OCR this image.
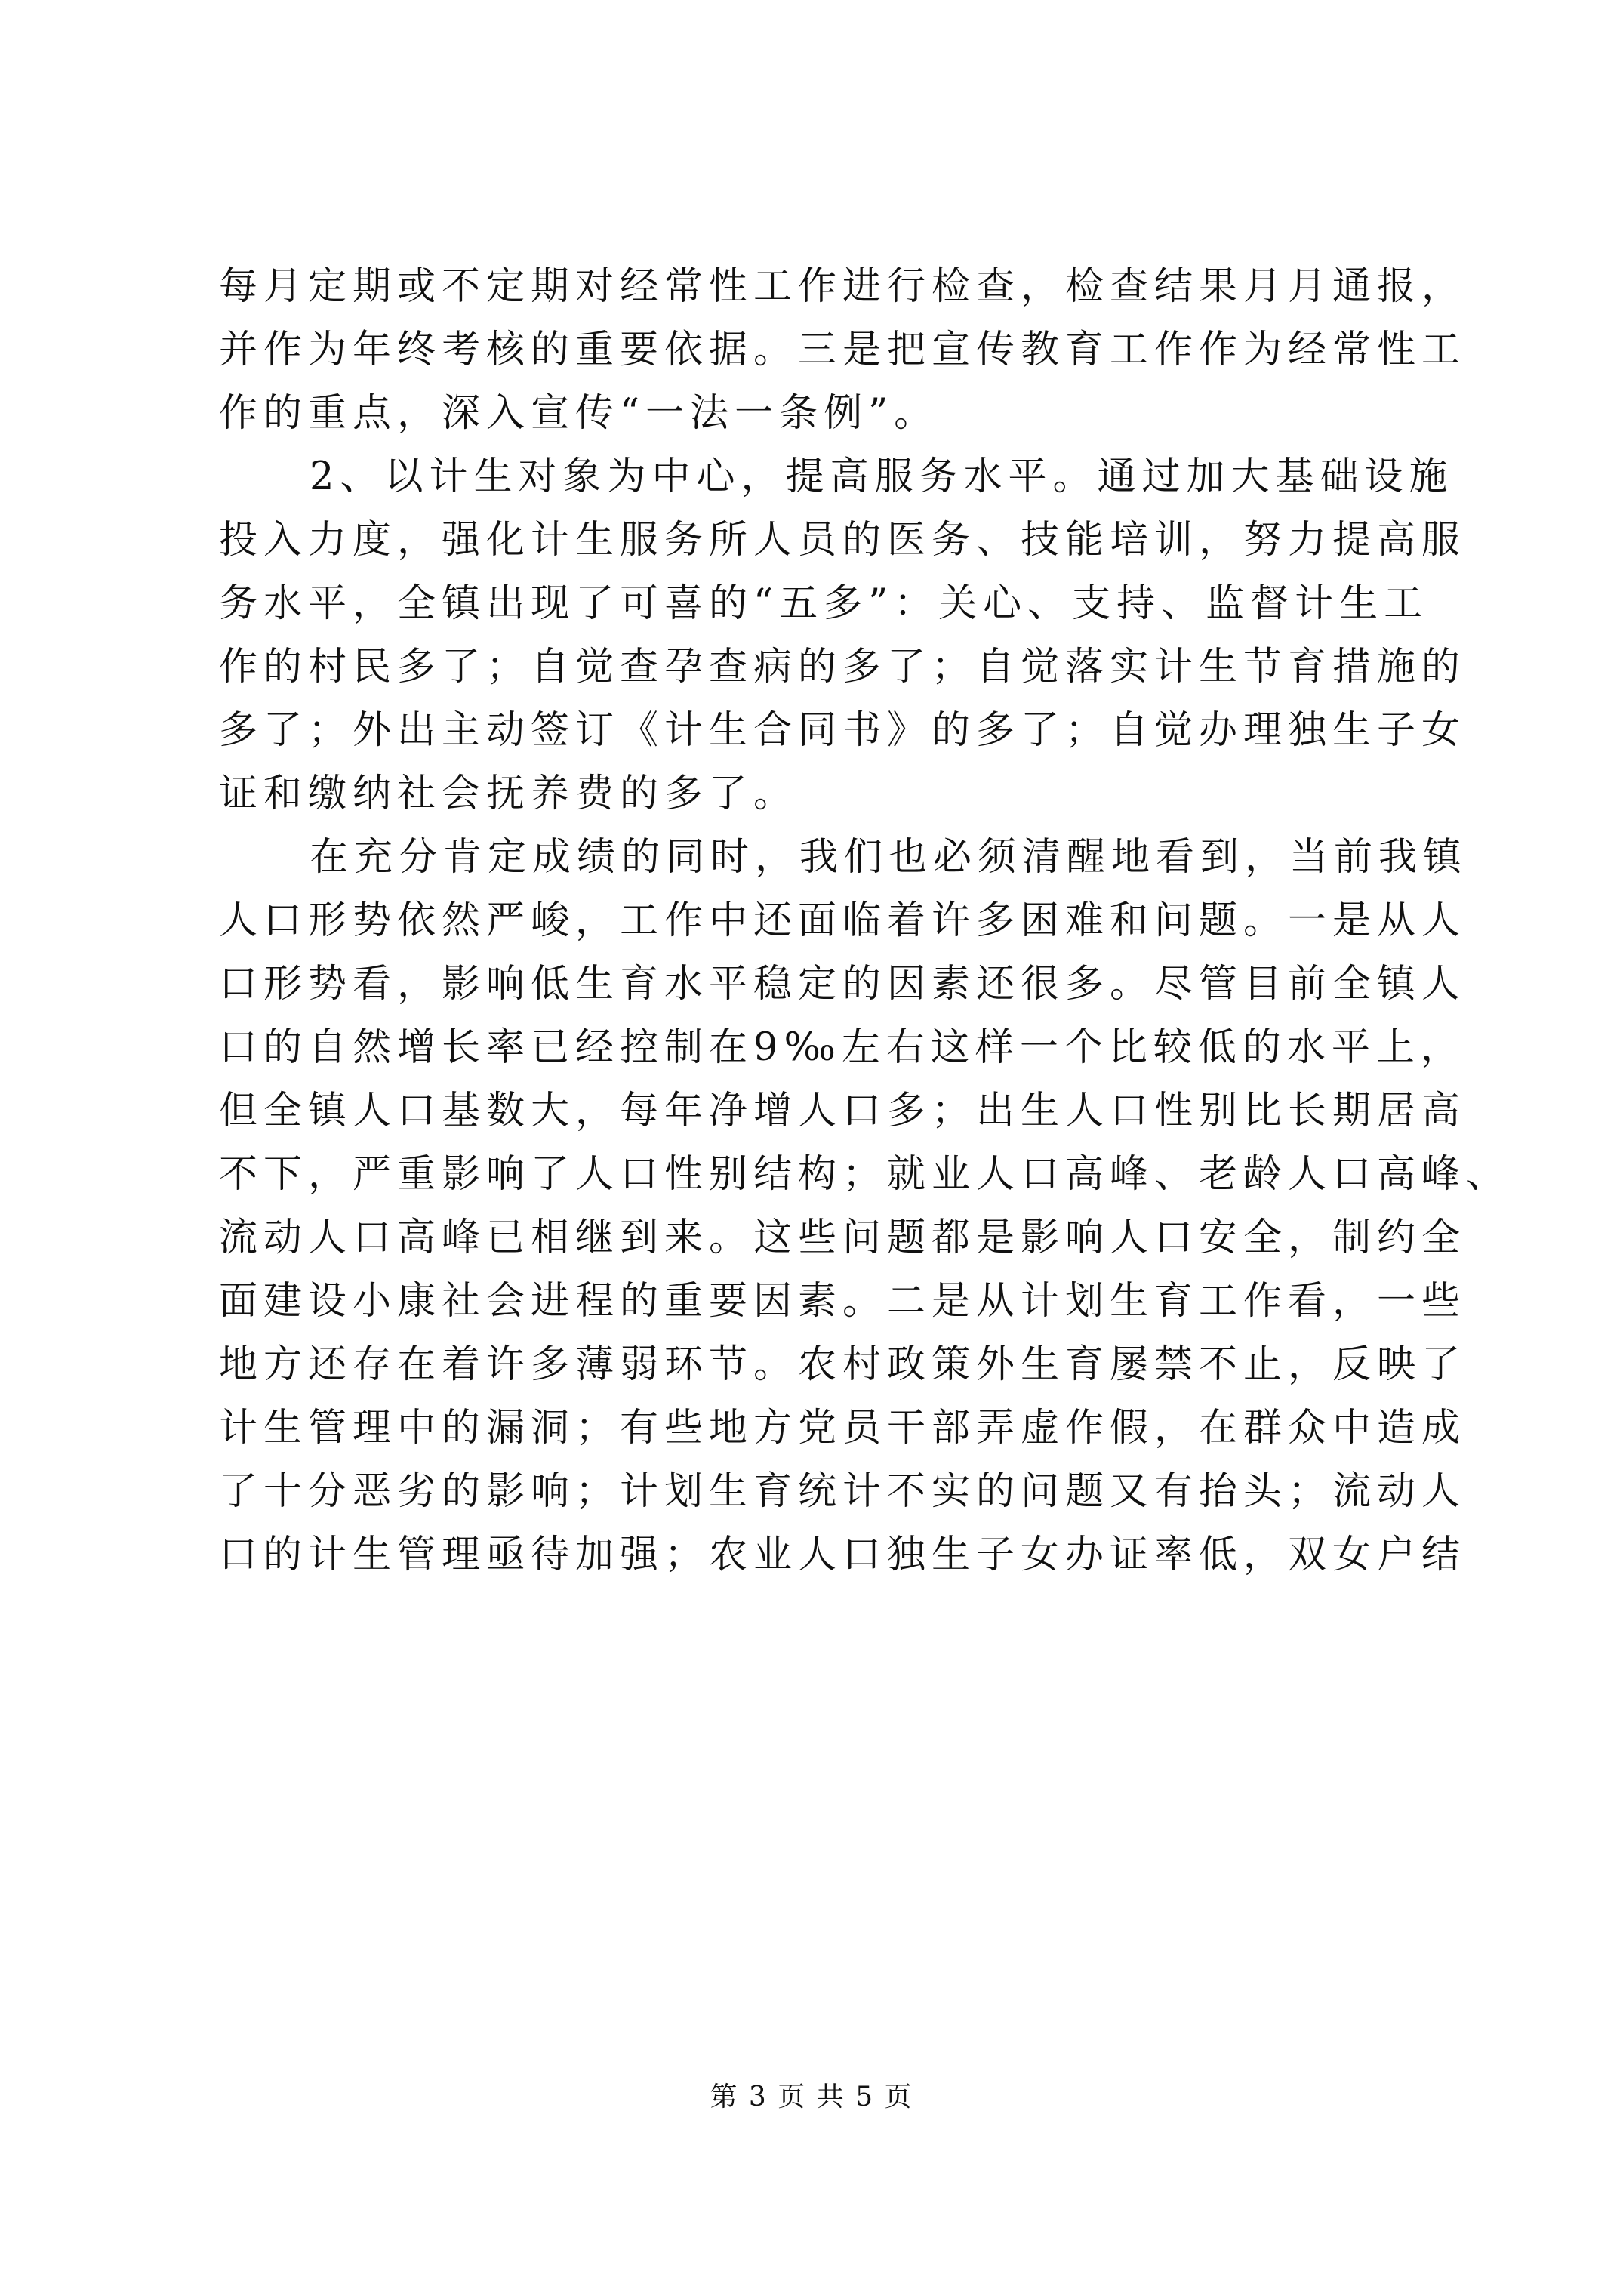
每月定期或不定期对经常性工作进行检查，检查结果月月通报，
并作为年终考核的重要依据。三是把宣传教育工作作为经常性工
作的重点，深入宣传“一法一条例”。
2、以计生对象为中心，提高服务水平。通过加大基础设施
投入力度，强化计生服务所人员的医务、技能培训，努力提高服
务水平，全镇出现了可喜的“五多”：关心、支持、监督计生工
作的村民多了；自觉查孕查病的多了；自觉落实计生节育措施的
多了；外出主动签订《计生合同书》的多了；自觉办理独生子女
证和缴纳社会抚养费的多了。
在充分肯定成绩的同时，我们也必须清醒地看到，当前我镇
人口形势依然严峻，工作中还面临着许多困难和问题。一是从人
口形势看，影响低生育水平稳定的因素还很多。尽管目前全镇人
口的自然增长率已经控制在9‰左右这样一个比较低的水平上，
但全镇人口基数大，每年净增人口多；出生人口性别比长期居高
不下，严重影响了人口性别结构；就业人口高峰、老龄人口高峰、
流动人口高峰已相继到来。这些问题都是影响人口安全，制约全
面建设小康社会进程的重要因素。二是从计划生育工作看，一些
地方还存在着许多薄弱环节。农村政策外生育屡禁不止，反映了
计生管理中的漏洞；有些地方党员干部弄虚作假，在群众中造成
了十分恶劣的影响；计划生育统计不实的问题又有抬头；流动人
口的计生管理亟待加强；农业人口独生子女办证率低，双女户结
第 3 页 共 5 页
